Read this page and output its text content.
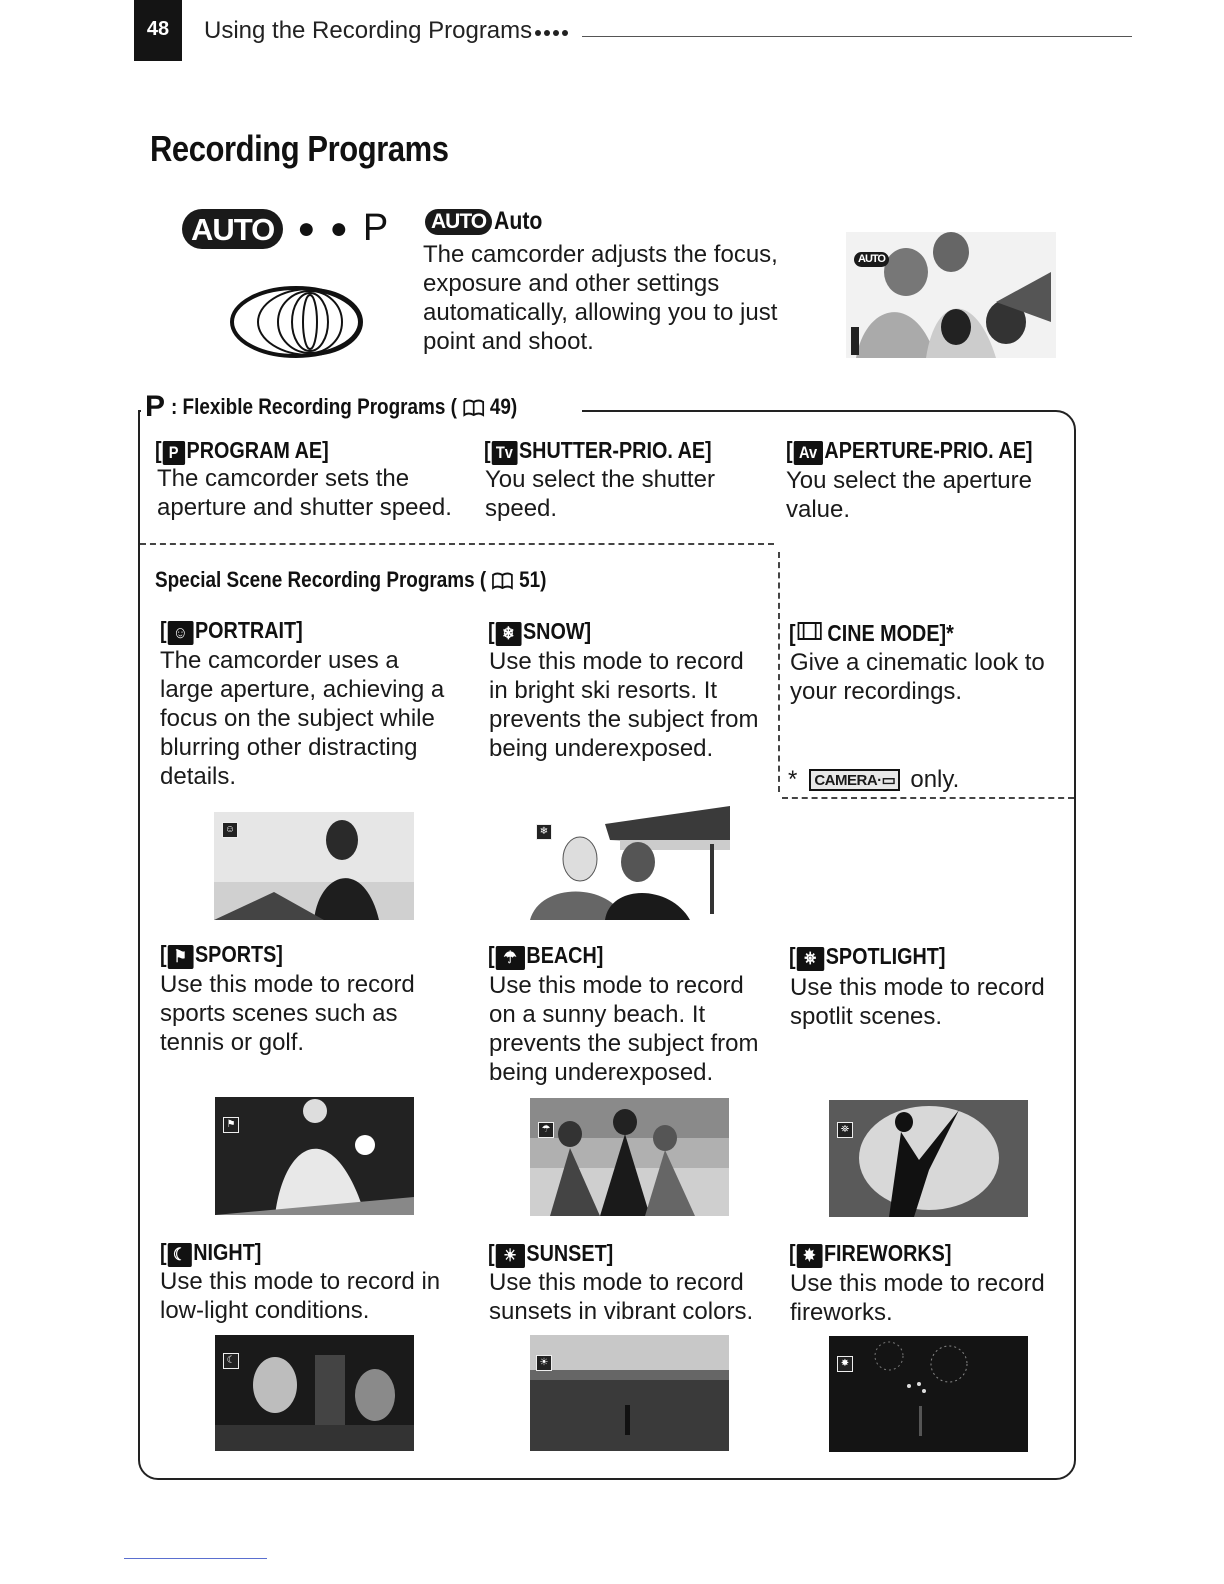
48	Using the Recording Programs
Recording Programs
AUTO ● ● P AUTO Auto

The camcorder adjusts the focus, exposure and other settings automatically, allowing you to just point and shoot.

AUTO
P : Flexible Recording Programs ( 49)
[ P PROGRAM AE]
The camcorder sets the
aperture and shutter speed.
[ Tv SHUTTER-PRIO. AE]
You select the shutter
speed.
[ Av APERTURE-PRIO. AE]
You select the aperture
value.
Special Scene Recording Programs ( 51)
[ ☺ PORTRAIT]
The camcorder uses a
large aperture, achieving a
focus on the subject while
blurring other distracting
details.
[ ❄ SNOW]
Use this mode to record
in bright ski resorts. It
prevents the subject from
being underexposed.
[ CINE MODE]*
Give a cinematic look to
your recordings.
*	CAMERA·▭ only.
☺	❄
[ ⚑ SPORTS]
Use this mode to record
sports scenes such as
tennis or golf.
[ ☂ BEACH]
Use this mode to record
on a sunny beach. It
prevents the subject from
being underexposed.
[ ⛯ SPOTLIGHT]
Use this mode to record
spotlit scenes.
⚑	☂	⛯
[ ☾ NIGHT]
Use this mode to record in
low-light conditions.
[ ☀ SUNSET]
Use this mode to record
sunsets in vibrant colors.
[ ✸ FIREWORKS]
Use this mode to record
fireworks.
☾	☀	✸
